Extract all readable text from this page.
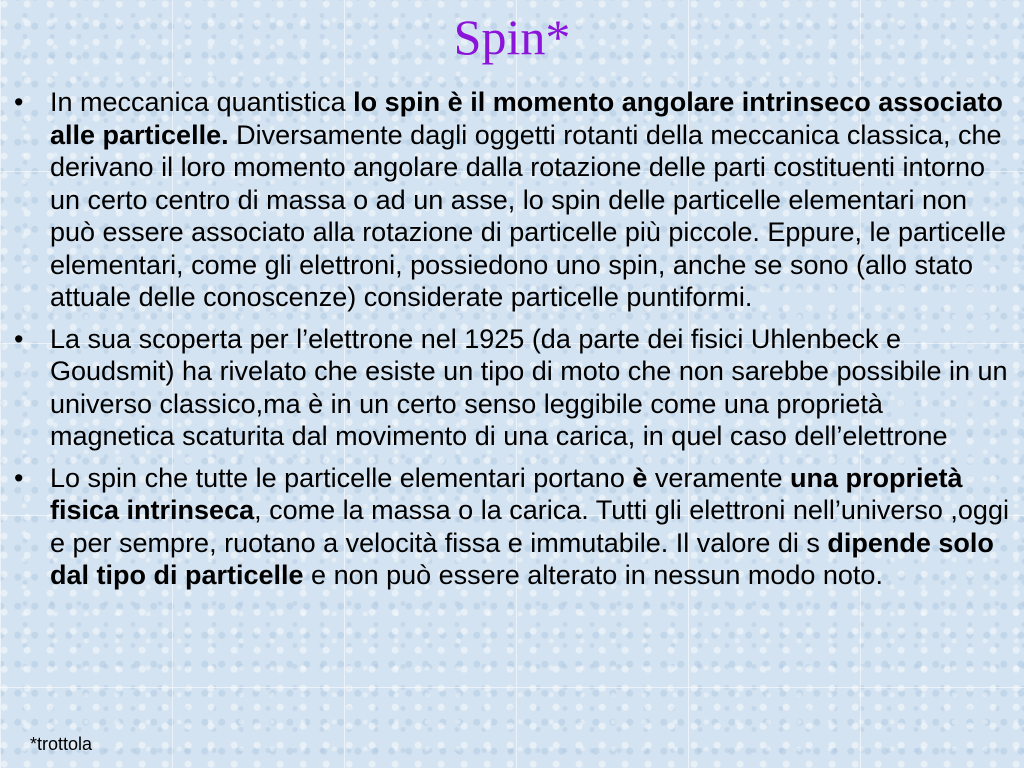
Spin*
• In meccanica quantistica lo spin è il momento angolare intrinseco associato alle particelle. Diversamente dagli oggetti rotanti della meccanica classica, che derivano il loro momento angolare dalla rotazione delle parti costituenti intorno un certo centro di massa o ad un asse, lo spin delle particelle elementari non può essere associato alla rotazione di particelle più piccole. Eppure, le particelle elementari, come gli elettroni, possiedono uno spin, anche se sono (allo stato attuale delle conoscenze) considerate particelle puntiformi.
• La sua scoperta per l’elettrone nel 1925 (da parte dei fisici Uhlenbeck e Goudsmit) ha rivelato che esiste un tipo di moto che non sarebbe possibile in un universo classico,ma è in un certo senso leggibile come una proprietà magnetica scaturita dal movimento di una carica, in quel caso dell’elettrone
• Lo spin che tutte le particelle elementari portano è veramente una proprietà fisica intrinseca, come la massa o la carica. Tutti gli elettroni nell’universo ,oggi e per sempre, ruotano a velocità fissa e immutabile. Il valore di s dipende solo dal tipo di particelle e non può essere alterato in nessun modo noto.
*trottola
